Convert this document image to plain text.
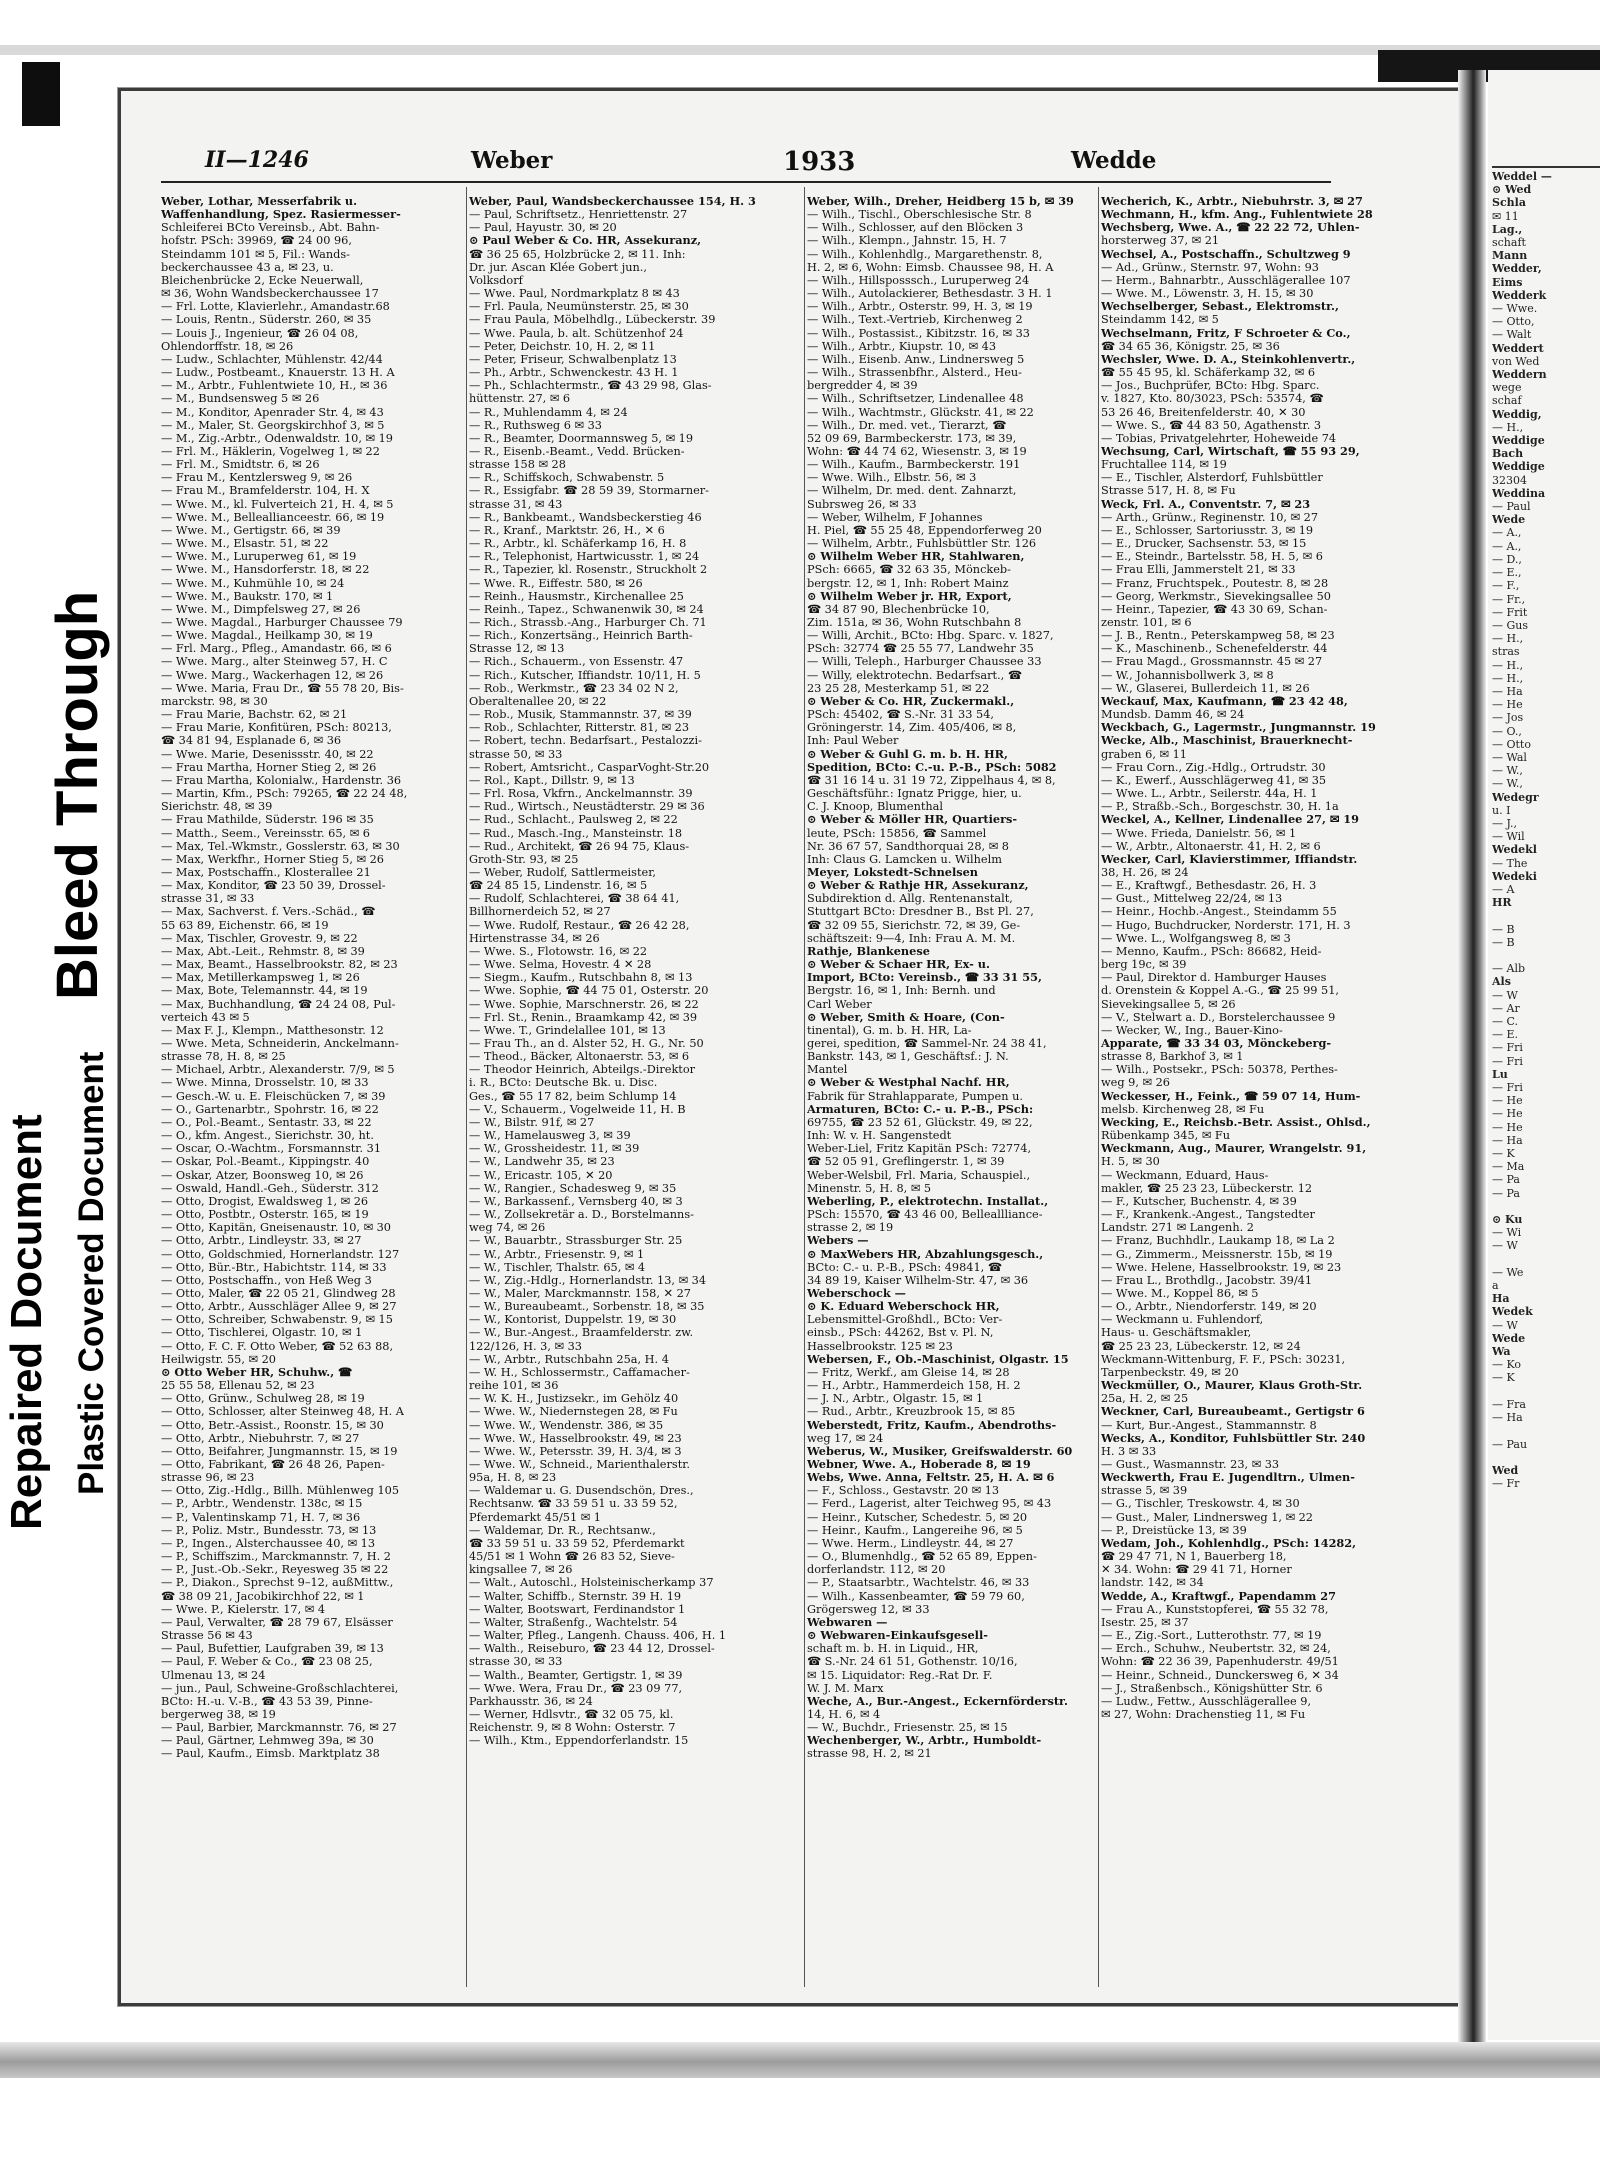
Repaired Document Plastic Covered Document
Bleed Through
II—1246	Weber	1933	Wedde
Weber, Lothar, Messerfabrik u.
Waffenhandlung, Spez. Rasiermesser-
Schleiferei BCto Vereinsb., Abt. Bahn-
hofstr. PSch: 39969, ☎ 24 00 96,
Steindamm 101 ✉ 5, Fil.: Wands-
beckerchaussee 43 a, ✉ 23, u.
Bleichenbrücke 2, Ecke Neuerwall,
✉ 36, Wohn Wandsbeckerchaussee 17
— Frl. Lotte, Klavierlehr., Amandastr.68
— Louis, Rentn., Süderstr. 260, ✉ 35
— Louis J., Ingenieur, ☎ 26 04 08,
Ohlendorffstr. 18, ✉ 26
— Ludw., Schlachter, Mühlenstr. 42/44
— Ludw., Postbeamt., Knauerstr. 13 H. A
— M., Arbtr., Fuhlentwiete 10, H., ✉ 36
— M., Bundsensweg 5 ✉ 26
— M., Konditor, Apenrader Str. 4, ✉ 43
— M., Maler, St. Georgskirchhof 3, ✉ 5
— M., Zig.-Arbtr., Odenwaldstr. 10, ✉ 19
— Frl. M., Häklerin, Vogelweg 1, ✉ 22
— Frl. M., Smidtstr. 6, ✉ 26
— Frau M., Kentzlersweg 9, ✉ 26
— Frau M., Bramfelderstr. 104, H. X
— Wwe. M., kl. Fulverteich 21, H. 4, ✉ 5
— Wwe. M., Belleallianceestr. 66, ✉ 19
— Wwe. M., Gertigstr. 66, ✉ 39
— Wwe. M., Elsastr. 51, ✉ 22
— Wwe. M., Luruperweg 61, ✉ 19
— Wwe. M., Hansdorferstr. 18, ✉ 22
— Wwe. M., Kuhmühle 10, ✉ 24
— Wwe. M., Baukstr. 170, ✉ 1
— Wwe. M., Dimpfelsweg 27, ✉ 26
— Wwe. Magdal., Harburger Chaussee 79
— Wwe. Magdal., Heilkamp 30, ✉ 19
— Frl. Marg., Pfleg., Amandastr. 66, ✉ 6
— Wwe. Marg., alter Steinweg 57, H. C
— Wwe. Marg., Wackerhagen 12, ✉ 26
— Wwe. Maria, Frau Dr., ☎ 55 78 20, Bis-
marckstr. 98, ✉ 30
— Frau Marie, Bachstr. 62, ✉ 21
— Frau Marie, Konfitüren, PSch: 80213,
☎ 34 81 94, Esplanade 6, ✉ 36
— Wwe. Marie, Desenissstr. 40, ✉ 22
— Frau Martha, Horner Stieg 2, ✉ 26
— Frau Martha, Kolonialw., Hardenstr. 36
— Martin, Kfm., PSch: 79265, ☎ 22 24 48,
Sierichstr. 48, ✉ 39
— Frau Mathilde, Süderstr. 196 ✉ 35
— Matth., Seem., Vereinsstr. 65, ✉ 6
— Max, Tel.-Wkmstr., Gosslerstr. 63, ✉ 30
— Max, Werkfhr., Horner Stieg 5, ✉ 26
— Max, Postschaffn., Klosterallee 21
— Max, Konditor, ☎ 23 50 39, Drossel-
strasse 31, ✉ 33
— Max, Sachverst. f. Vers.-Schäd., ☎
55 63 89, Eichenstr. 66, ✉ 19
— Max, Tischler, Grovestr. 9, ✉ 22
— Max, Abt.-Leit., Rehmstr. 8, ✉ 39
— Max, Beamt., Hasselbrookstr. 82, ✉ 23
— Max, Metillerkampsweg 1, ✉ 26
— Max, Bote, Telemannstr. 44, ✉ 19
— Max, Buchhandlung, ☎ 24 24 08, Pul-
verteich 43 ✉ 5
— Max F. J., Klempn., Matthesonstr. 12
— Wwe. Meta, Schneiderin, Anckelmann-
strasse 78, H. 8, ✉ 25
— Michael, Arbtr., Alexanderstr. 7/9, ✉ 5
— Wwe. Minna, Drosselstr. 10, ✉ 33
— Gesch.-W. u. E. Fleischücken 7, ✉ 39
— O., Gartenarbtr., Spohrstr. 16, ✉ 22
— O., Pol.-Beamt., Sentastr. 33, ✉ 22
— O., kfm. Angest., Sierichstr. 30, ht.
— Oscar, O.-Wachtm., Forsmannstr. 31
— Oskar, Pol.-Beamt., Kippingstr. 40
— Oskar, Atzer, Boonsweg 10, ✉ 26
— Oswald, Handl.-Geh., Süderstr. 312
— Otto, Drogist, Ewaldsweg 1, ✉ 26
— Otto, Postbtr., Osterstr. 165, ✉ 19
— Otto, Kapitän, Gneisenaustr. 10, ✉ 30
— Otto, Arbtr., Lindleystr. 33, ✉ 27
— Otto, Goldschmied, Hornerlandstr. 127
— Otto, Bür.-Btr., Habichtstr. 114, ✉ 33
— Otto, Postschaffn., von Heß Weg 3
— Otto, Maler, ☎ 22 05 21, Glindweg 28
— Otto, Arbtr., Ausschläger Allee 9, ✉ 27
— Otto, Schreiber, Schwabenstr. 9, ✉ 15
— Otto, Tischlerei, Olgastr. 10, ✉ 1
— Otto, F. C. F. Otto Weber, ☎ 52 63 88,
Heilwigstr. 55, ✉ 20
⊙ Otto Weber HR, Schuhw., ☎
25 55 58, Ellenau 52, ✉ 23
— Otto, Grünw., Schulweg 28, ✉ 19
— Otto, Schlosser, alter Steinweg 48, H. A
— Otto, Betr.-Assist., Roonstr. 15, ✉ 30
— Otto, Arbtr., Niebuhrstr. 7, ✉ 27
— Otto, Beifahrer, Jungmannstr. 15, ✉ 19
— Otto, Fabrikant, ☎ 26 48 26, Papen-
strasse 96, ✉ 23
— Otto, Zig.-Hdlg., Billh. Mühlenweg 105
— P., Arbtr., Wendenstr. 138c, ✉ 15
— P., Valentinskamp 71, H. 7, ✉ 36
— P., Poliz. Mstr., Bundesstr. 73, ✉ 13
— P., Ingen., Alsterchaussee 40, ✉ 13
— P., Schiffszim., Marckmannstr. 7, H. 2
— P., Just.-Ob.-Sekr., Reyesweg 35 ✉ 22
— P., Diakon., Sprechst 9–12, außMittw.,
☎ 38 09 21, Jacobikirchhof 22, ✉ 1
— Wwe. P., Kielerstr. 17, ✉ 4
— Paul, Verwalter, ☎ 28 79 67, Elsässer
Strasse 56 ✉ 43
— Paul, Bufettier, Laufgraben 39, ✉ 13
— Paul, F. Weber & Co., ☎ 23 08 25,
Ulmenau 13, ✉ 24
— jun., Paul, Schweine-Großschlachterei,
BCto: H.-u. V.-B., ☎ 43 53 39, Pinne-
bergerweg 38, ✉ 19
— Paul, Barbier, Marckmannstr. 76, ✉ 27
— Paul, Gärtner, Lehmweg 39a, ✉ 30
— Paul, Kaufm., Eimsb. Marktplatz 38
Weber, Paul, Wandsbeckerchaussee 154, H. 3
— Paul, Schriftsetz., Henriettenstr. 27
— Paul, Hayustr. 30, ✉ 20
⊙ Paul Weber & Co. HR, Assekuranz,
☎ 36 25 65, Holzbrücke 2, ✉ 11. Inh:
Dr. jur. Ascan Klée Gobert jun.,
Volksdorf
— Wwe. Paul, Nordmarkplatz 8 ✉ 43
— Frl. Paula, Neumünsterstr. 25, ✉ 30
— Frau Paula, Möbelhdlg., Lübeckerstr. 39
— Wwe. Paula, b. alt. Schützenhof 24
— Peter, Deichstr. 10, H. 2, ✉ 11
— Peter, Friseur, Schwalbenplatz 13
— Ph., Arbtr., Schwenckestr. 43 H. 1
— Ph., Schlachtermstr., ☎ 43 29 98, Glas-
hüttenstr. 27, ✉ 6
— R., Muhlendamm 4, ✉ 24
— R., Ruthsweg 6 ✉ 33
— R., Beamter, Doormannsweg 5, ✉ 19
— R., Eisenb.-Beamt., Vedd. Brücken-
strasse 158 ✉ 28
— R., Schiffskoch, Schwabenstr. 5
— R., Essigfabr. ☎ 28 59 39, Stormarner-
strasse 31, ✉ 43
— R., Bankbeamt., Wandsbeckerstieg 46
— R., Kranf., Marktstr. 26, H., ✕ 6
— R., Arbtr., kl. Schäferkamp 16, H. 8
— R., Telephonist, Hartwicusstr. 1, ✉ 24
— R., Tapezier, kl. Rosenstr., Struckholt 2
— Wwe. R., Eiffestr. 580, ✉ 26
— Reinh., Hausmstr., Kirchenallee 25
— Reinh., Tapez., Schwanenwik 30, ✉ 24
— Rich., Strassb.-Ang., Harburger Ch. 71
— Rich., Konzertsäng., Heinrich Barth-
Strasse 12, ✉ 13
— Rich., Schauerm., von Essenstr. 47
— Rich., Kutscher, Iffiandstr. 10/11, H. 5
— Rob., Werkmstr., ☎ 23 34 02 N 2,
Oberaltenallee 20, ✉ 22
— Rob., Musik, Stammannstr. 37, ✉ 39
— Rob., Schlachter, Ritterstr. 81, ✉ 23
— Robert, techn. Bedarfsart., Pestalozzi-
strasse 50, ✉ 33
— Robert, Amtsricht., CasparVoght-Str.20
— Rol., Kapt., Dillstr. 9, ✉ 13
— Frl. Rosa, Vkfrn., Anckelmannstr. 39
— Rud., Wirtsch., Neustädterstr. 29 ✉ 36
— Rud., Schlacht., Paulsweg 2, ✉ 22
— Rud., Masch.-Ing., Mansteinstr. 18
— Rud., Architekt, ☎ 26 94 75, Klaus-
Groth-Str. 93, ✉ 25
— Weber, Rudolf, Sattlermeister,
☎ 24 85 15, Lindenstr. 16, ✉ 5
— Rudolf, Schlachterei, ☎ 38 64 41,
Billhornerdeich 52, ✉ 27
— Wwe. Rudolf, Restaur., ☎ 26 42 28,
Hirtenstrasse 34, ✉ 26
— Wwe. S., Flotowstr. 16, ✉ 22
— Wwe. Selma, Hovestr. 4 ✕ 28
— Siegm., Kaufm., Rutschbahn 8, ✉ 13
— Wwe. Sophie, ☎ 44 75 01, Osterstr. 20
— Wwe. Sophie, Marschnerstr. 26, ✉ 22
— Frl. St., Renin., Braamkamp 42, ✉ 39
— Wwe. T., Grindelallee 101, ✉ 13
— Frau Th., an d. Alster 52, H. G., Nr. 50
— Theod., Bäcker, Altonaerstr. 53, ✉ 6
— Theodor Heinrich, Abteilgs.-Direktor
i. R., BCto: Deutsche Bk. u. Disc.
Ges., ☎ 55 17 82, beim Schlump 14
— V., Schauerm., Vogelweide 11, H. B
— W., Bilstr. 91f, ✉ 27
— W., Hamelausweg 3, ✉ 39
— W., Grossheidestr. 11, ✉ 39
— W., Landwehr 35, ✉ 23
— W., Ericastr. 105, ✕ 20
— W., Rangier., Schadesweg 9, ✉ 35
— W., Barkassenf., Vernsberg 40, ✉ 3
— W., Zollsekretär a. D., Borstelmanns-
weg 74, ✉ 26
— W., Bauarbtr., Strassburger Str. 25
— W., Arbtr., Friesenstr. 9, ✉ 1
— W., Tischler, Thalstr. 65, ✉ 4
— W., Zig.-Hdlg., Hornerlandstr. 13, ✉ 34
— W., Maler, Marckmannstr. 158, ✕ 27
— W., Bureaubeamt., Sorbenstr. 18, ✉ 35
— W., Kontorist, Duppelstr. 19, ✉ 30
— W., Bur.-Angest., Braamfelderstr. zw.
122/126, H. 3, ✉ 33
— W., Arbtr., Rutschbahn 25a, H. 4
— W. H., Schlossermstr., Caffamacher-
reihe 101, ✉ 36
— W. K. H., Justizsekr., im Gehölz 40
— Wwe. W., Niedernstegen 28, ✉ Fu
— Wwe. W., Wendenstr. 386, ✉ 35
— Wwe. W., Hasselbrookstr. 49, ✉ 23
— Wwe. W., Petersstr. 39, H. 3/4, ✉ 3
— Wwe. W., Schneid., Marienthalerstr.
95a, H. 8, ✉ 23
— Waldemar u. G. Dusendschön, Dres.,
Rechtsanw. ☎ 33 59 51 u. 33 59 52,
Pferdemarkt 45/51 ✉ 1
— Waldemar, Dr. R., Rechtsanw.,
☎ 33 59 51 u. 33 59 52, Pferdemarkt
45/51 ✉ 1 Wohn ☎ 26 83 52, Sieve-
kingsallee 7, ✉ 26
— Walt., Autoschl., Holsteinischerkamp 37
— Walter, Schiffb., Sternstr. 39 H. 19
— Walter, Bootswart, Ferdinandstor 1
— Walter, Straßenfg., Wachtelstr. 54
— Walter, Pfleg., Langenh. Chauss. 406, H. 1
— Walth., Reiseburo, ☎ 23 44 12, Drossel-
strasse 30, ✉ 33
— Walth., Beamter, Gertigstr. 1, ✉ 39
— Wwe. Wera, Frau Dr., ☎ 23 09 77,
Parkhausstr. 36, ✉ 24
— Werner, Hdlsvtr., ☎ 32 05 75, kl.
Reichenstr. 9, ✉ 8 Wohn: Osterstr. 7
— Wilh., Ktm., Eppendorferlandstr. 15
Weber, Wilh., Dreher, Heidberg 15 b, ✉ 39
— Wilh., Tischl., Oberschlesische Str. 8
— Wilh., Schlosser, auf den Blöcken 3
— Wilh., Klempn., Jahnstr. 15, H. 7
— Wilh., Kohlenhdlg., Margarethenstr. 8,
H. 2, ✉ 6, Wohn: Eimsb. Chaussee 98, H. A
— Wilh., Hillsposssch., Luruperweg 24
— Wilh., Autolackierer, Bethesdastr. 3 H. 1
— Wilh., Arbtr., Osterstr. 99, H. 3, ✉ 19
— Wilh., Text.-Vertrieb, Kirchenweg 2
— Wilh., Postassist., Kibitzstr. 16, ✉ 33
— Wilh., Arbtr., Kiupstr. 10, ✉ 43
— Wilh., Eisenb. Anw., Lindnersweg 5
— Wilh., Strassenbfhr., Alsterd., Heu-
bergredder 4, ✉ 39
— Wilh., Schriftsetzer, Lindenallee 48
— Wilh., Wachtmstr., Glückstr. 41, ✉ 22
— Wilh., Dr. med. vet., Tierarzt, ☎
52 09 69, Barmbeckerstr. 173, ✉ 39,
Wohn: ☎ 44 74 62, Wiesenstr. 3, ✉ 19
— Wilh., Kaufm., Barmbeckerstr. 191
— Wwe. Wilh., Elbstr. 56, ✉ 3
— Wilhelm, Dr. med. dent. Zahnarzt,
Subrsweg 26, ✉ 33
— Weber, Wilhelm, F Johannes
H. Piel, ☎ 55 25 48, Eppendorferweg 20
— Wilhelm, Arbtr., Fuhlsbüttler Str. 126
⊙ Wilhelm Weber HR, Stahlwaren,
PSch: 6665, ☎ 32 63 35, Mönckeb-
bergstr. 12, ✉ 1, Inh: Robert Mainz
⊙ Wilhelm Weber jr. HR, Export,
☎ 34 87 90, Blechenbrücke 10,
Zim. 151a, ✉ 36, Wohn Rutschbahn 8
— Willi, Archit., BCto: Hbg. Sparc. v. 1827,
PSch: 32774 ☎ 25 55 77, Landwehr 35
— Willi, Teleph., Harburger Chaussee 33
— Willy, elektrotechn. Bedarfsart., ☎
23 25 28, Mesterkamp 51, ✉ 22
⊙ Weber & Co. HR, Zuckermakl.,
PSch: 45402, ☎ S.-Nr. 31 33 54,
Gröningerstr. 14, Zim. 405/406, ✉ 8,
Inh: Paul Weber
⊙ Weber & Guhl G. m. b. H. HR,
Spedition, BCto: C.-u. P.-B., PSch: 5082
☎ 31 16 14 u. 31 19 72, Zippelhaus 4, ✉ 8,
Geschäftsführ.: Ignatz Prigge, hier, u.
C. J. Knoop, Blumenthal
⊙ Weber & Möller HR, Quartiers-
leute, PSch: 15856, ☎ Sammel
Nr. 36 67 57, Sandthorquai 28, ✉ 8
Inh: Claus G. Lamcken u. Wilhelm
Meyer, Lokstedt-Schnelsen
⊙ Weber & Rathje HR, Assekuranz,
Subdirektion d. Allg. Rentenanstalt,
Stuttgart BCto: Dresdner B., Bst Pl. 27,
☎ 32 09 55, Sierichstr. 72, ✉ 39, Ge-
schäftszeit: 9—4, Inh: Frau A. M. M.
Rathje, Blankenese
⊙ Weber & Schaer HR, Ex- u.
Import, BCto: Vereinsb., ☎ 33 31 55,
Bergstr. 16, ✉ 1, Inh: Bernh. und
Carl Weber
⊙ Weber, Smith & Hoare, (Con-
tinental), G. m. b. H. HR, La-
gerei, spedition, ☎ Sammel-Nr. 24 38 41,
Bankstr. 143, ✉ 1, Geschäftsf.: J. N.
Mantel
⊙ Weber & Westphal Nachf. HR,
Fabrik für Strahlapparate, Pumpen u.
Armaturen, BCto: C.- u. P.-B., PSch:
69755, ☎ 23 52 61, Glückstr. 49, ✉ 22,
Inh: W. v. H. Sangenstedt
Weber-Liel, Fritz Kapitän PSch: 72774,
☎ 52 05 91, Greflingerstr. 1, ✉ 39
Weber-Welsbil, Frl. Maria, Schauspiel.,
Minenstr. 5, H. 8, ✉ 5
Weberling, P., elektrotechn. Installat.,
PSch: 15570, ☎ 43 46 00, Belleallliance-
strasse 2, ✉ 19
Webers —
⊙ MaxWebers HR, Abzahlungsgesch.,
BCto: C.- u. P.-B., PSch: 49841, ☎
34 89 19, Kaiser Wilhelm-Str. 47, ✉ 36
Weberschock —
⊙ K. Eduard Weberschock HR,
Lebensmittel-Großhdl., BCto: Ver-
einsb., PSch: 44262, Bst v. Pl. N,
Hasselbrookstr. 125 ✉ 23
Webersen, F., Ob.-Maschinist, Olgastr. 15
— Fritz, Werkf., am Gleise 14, ✉ 28
— H., Arbtr., Hammerdeich 158, H. 2
— J. N., Arbtr., Olgastr. 15, ✉ 1
— Rud., Arbtr., Kreuzbrook 15, ✉ 85
Weberstedt, Fritz, Kaufm., Abendroths-
weg 17, ✉ 24
Weberus, W., Musiker, Greifswalderstr. 60
Webner, Wwe. A., Hoberade 8, ✉ 19
Webs, Wwe. Anna, Feltstr. 25, H. A. ✉ 6
— F., Schloss., Gestavstr. 20 ✉ 13
— Ferd., Lagerist, alter Teichweg 95, ✉ 43
— Heinr., Kutscher, Schedestr. 5, ✉ 20
— Heinr., Kaufm., Langereihe 96, ✉ 5
— Wwe. Herm., Lindleystr. 44, ✉ 27
— O., Blumenhdlg., ☎ 52 65 89, Eppen-
dorferlandstr. 112, ✉ 20
— P., Staatsarbtr., Wachtelstr. 46, ✉ 33
— Wilh., Kassenbeamter, ☎ 59 79 60,
Grögersweg 12, ✉ 33
Webwaren —
⊙ Webwaren-Einkaufsgesell-
schaft m. b. H. in Liquid., HR,
☎ S.-Nr. 24 61 51, Gothenstr. 10/16,
✉ 15. Liquidator: Reg.-Rat Dr. F.
W. J. M. Marx
Weche, A., Bur.-Angest., Eckernförderstr.
14, H. 6, ✉ 4
— W., Buchdr., Friesenstr. 25, ✉ 15
Wechenberger, W., Arbtr., Humboldt-
strasse 98, H. 2, ✉ 21
Wecherich, K., Arbtr., Niebuhrstr. 3, ✉ 27
Wechmann, H., kfm. Ang., Fuhlentwiete 28
Wechsberg, Wwe. A., ☎ 22 22 72, Uhlen-
horsterweg 37, ✉ 21
Wechsel, A., Postschaffn., Schultzweg 9
— Ad., Grünw., Sternstr. 97, Wohn: 93
— Herm., Bahnarbtr., Ausschlägerallee 107
— Wwe. M., Löwenstr. 3, H. 15, ✉ 30
Wechselberger, Sebast., Elektromstr.,
Steindamm 142, ✉ 5
Wechselmann, Fritz, F Schroeter & Co.,
☎ 34 65 36, Königstr. 25, ✉ 36
Wechsler, Wwe. D. A., Steinkohlenvertr.,
☎ 55 45 95, kl. Schäferkamp 32, ✉ 6
— Jos., Buchprüfer, BCto: Hbg. Sparc.
v. 1827, Kto. 80/3023, PSch: 53574, ☎
53 26 46, Breitenfelderstr. 40, ✕ 30
— Wwe. S., ☎ 44 83 50, Agathenstr. 3
— Tobias, Privatgelehrter, Hoheweide 74
Wechsung, Carl, Wirtschaft, ☎ 55 93 29,
Fruchtallee 114, ✉ 19
— E., Tischler, Alsterdorf, Fuhlsbüttler
Strasse 517, H. 8, ✉ Fu
Weck, Frl. A., Conventstr. 7, ✉ 23
— Arth., Grünw., Reginenstr. 10, ✉ 27
— E., Schlosser, Sartoriusstr. 3, ✉ 19
— E., Drucker, Sachsenstr. 53, ✉ 15
— E., Steindr., Bartelsstr. 58, H. 5, ✉ 6
— Frau Elli, Jammerstelt 21, ✉ 33
— Franz, Fruchtspek., Poutestr. 8, ✉ 28
— Georg, Werkmstr., Sievekingsallee 50
— Heinr., Tapezier, ☎ 43 30 69, Schan-
zenstr. 101, ✉ 6
— J. B., Rentn., Peterskampweg 58, ✉ 23
— K., Maschinenb., Schenefelderstr. 44
— Frau Magd., Grossmannstr. 45 ✉ 27
— W., Johannisbollwerk 3, ✉ 8
— W., Glaserei, Bullerdeich 11, ✉ 26
Weckauf, Max, Kaufmann, ☎ 23 42 48,
Mundsb. Damm 46, ✉ 24
Weckbach, G., Lagermstr., Jungmannstr. 19
Wecke, Alb., Maschinist, Brauerknecht-
graben 6, ✉ 11
— Frau Corn., Zig.-Hdlg., Ortrudstr. 30
— K., Ewerf., Ausschlägerweg 41, ✉ 35
— Wwe. L., Arbtr., Seilerstr. 44a, H. 1
— P., Straßb.-Sch., Borgeschstr. 30, H. 1a
Weckel, A., Kellner, Lindenallee 27, ✉ 19
— Wwe. Frieda, Danielstr. 56, ✉ 1
— W., Arbtr., Altonaerstr. 41, H. 2, ✉ 6
Wecker, Carl, Klavierstimmer, Iffiandstr.
38, H. 26, ✉ 24
— E., Kraftwgf., Bethesdastr. 26, H. 3
— Gust., Mittelweg 22/24, ✉ 13
— Heinr., Hochb.-Angest., Steindamm 55
— Hugo, Buchdrucker, Norderstr. 171, H. 3
— Wwe. L., Wolfgangsweg 8, ✉ 3
— Menno, Kaufm., PSch: 86682, Heid-
berg 19c, ✉ 39
— Paul, Direktor d. Hamburger Hauses
d. Orenstein & Koppel A.-G., ☎ 25 99 51,
Sievekingsallee 5, ✉ 26
— V., Stelwart a. D., Borstelerchaussee 9
— Wecker, W., Ing., Bauer-Kino-
Apparate, ☎ 33 34 03, Mönckeberg-
strasse 8, Barkhof 3, ✉ 1
— Wilh., Postsekr., PSch: 50378, Perthes-
weg 9, ✉ 26
Weckesser, H., Feink., ☎ 59 07 14, Hum-
melsb. Kirchenweg 28, ✉ Fu
Wecking, E., Reichsb.-Betr. Assist., Ohlsd.,
Rübenkamp 345, ✉ Fu
Weckmann, Aug., Maurer, Wrangelstr. 91,
H. 5, ✉ 30
— Weckmann, Eduard, Haus-
makler, ☎ 25 23 23, Lübeckerstr. 12
— F., Kutscher, Buchenstr. 4, ✉ 39
— F., Krankenk.-Angest., Tangstedter
Landstr. 271 ✉ Langenh. 2
— Franz, Buchhdlr., Laukamp 18, ✉ La 2
— G., Zimmerm., Meissnerstr. 15b, ✉ 19
— Wwe. Helene, Hasselbrookstr. 19, ✉ 23
— Frau L., Brothdlg., Jacobstr. 39/41
— Wwe. M., Koppel 86, ✉ 5
— O., Arbtr., Niendorferstr. 149, ✉ 20
— Weckmann u. Fuhlendorf,
Haus- u. Geschäftsmakler,
☎ 25 23 23, Lübeckerstr. 12, ✉ 24
Weckmann-Wittenburg, F. F., PSch: 30231,
Tarpenbeckstr. 49, ✉ 20
Weckmüller, O., Maurer, Klaus Groth-Str.
25a, H. 2, ✉ 25
Weckner, Carl, Bureaubeamt., Gertigstr 6
— Kurt, Bur.-Angest., Stammannstr. 8
Wecks, A., Konditor, Fuhlsbüttler Str. 240
H. 3 ✉ 33
— Gust., Wasmannstr. 23, ✉ 33
Weckwerth, Frau E. Jugendltrn., Ulmen-
strasse 5, ✉ 39
— G., Tischler, Treskowstr. 4, ✉ 30
— Gust., Maler, Lindnersweg 1, ✉ 22
— P., Dreistücke 13, ✉ 39
Wedam, Joh., Kohlenhdlg., PSch: 14282,
☎ 29 47 71, N 1, Bauerberg 18,
✕ 34. Wohn: ☎ 29 41 71, Horner
landstr. 142, ✉ 34
Wedde, A., Kraftwgf., Papendamm 27
— Frau A., Kunststopferei, ☎ 55 32 78,
Isestr. 25, ✉ 37
— E., Zig.-Sort., Lutterothstr. 77, ✉ 19
— Erch., Schuhw., Neubertstr. 32, ✉ 24,
Wohn: ☎ 22 36 39, Papenhuderstr. 49/51
— Heinr., Schneid., Dunckersweg 6, ✕ 34
— J., Straßenbsch., Königshütter Str. 6
— Ludw., Fettw., Ausschlägerallee 9,
✉ 27, Wohn: Drachenstieg 11, ✉ Fu
Weddel —
⊙ Wed
Schla
✉ 11
Lag.,
schaft
Mann
Wedder,
Eims
Wedderk
— Wwe.
— Otto,
— Walt
Weddert
von Wed
Weddern
wege
schaf
Weddig,
— H.,
Weddige
Bach
Weddige
32304
Weddina
— Paul
Wede
— A.,
— A.,
— D.,
— E.,
— F.,
— Fr.,
— Frit
— Gus
— H.,
stras
— H.,
— H.,
— Ha
— He
— Jos
— O.,
— Otto
— Wal
— W.,
— W.,
Wedegr
u. I
— J.,
— Wil
Wedekl
— The
Wedeki
— A
HR

— B
— B

— Alb
Als
— W
— Ar
— C.
— E.
— Fri
— Fri
Lu
— Fri
— He
— He
— He
— Ha
— K
— Ma
— Pa
— Pa

⊙ Ku
— Wi
— W

— We
a
Ha
Wedek
— W
Wede
Wa
— Ko
— K

— Fra
— Ha

— Pau

Wed
— Fr
